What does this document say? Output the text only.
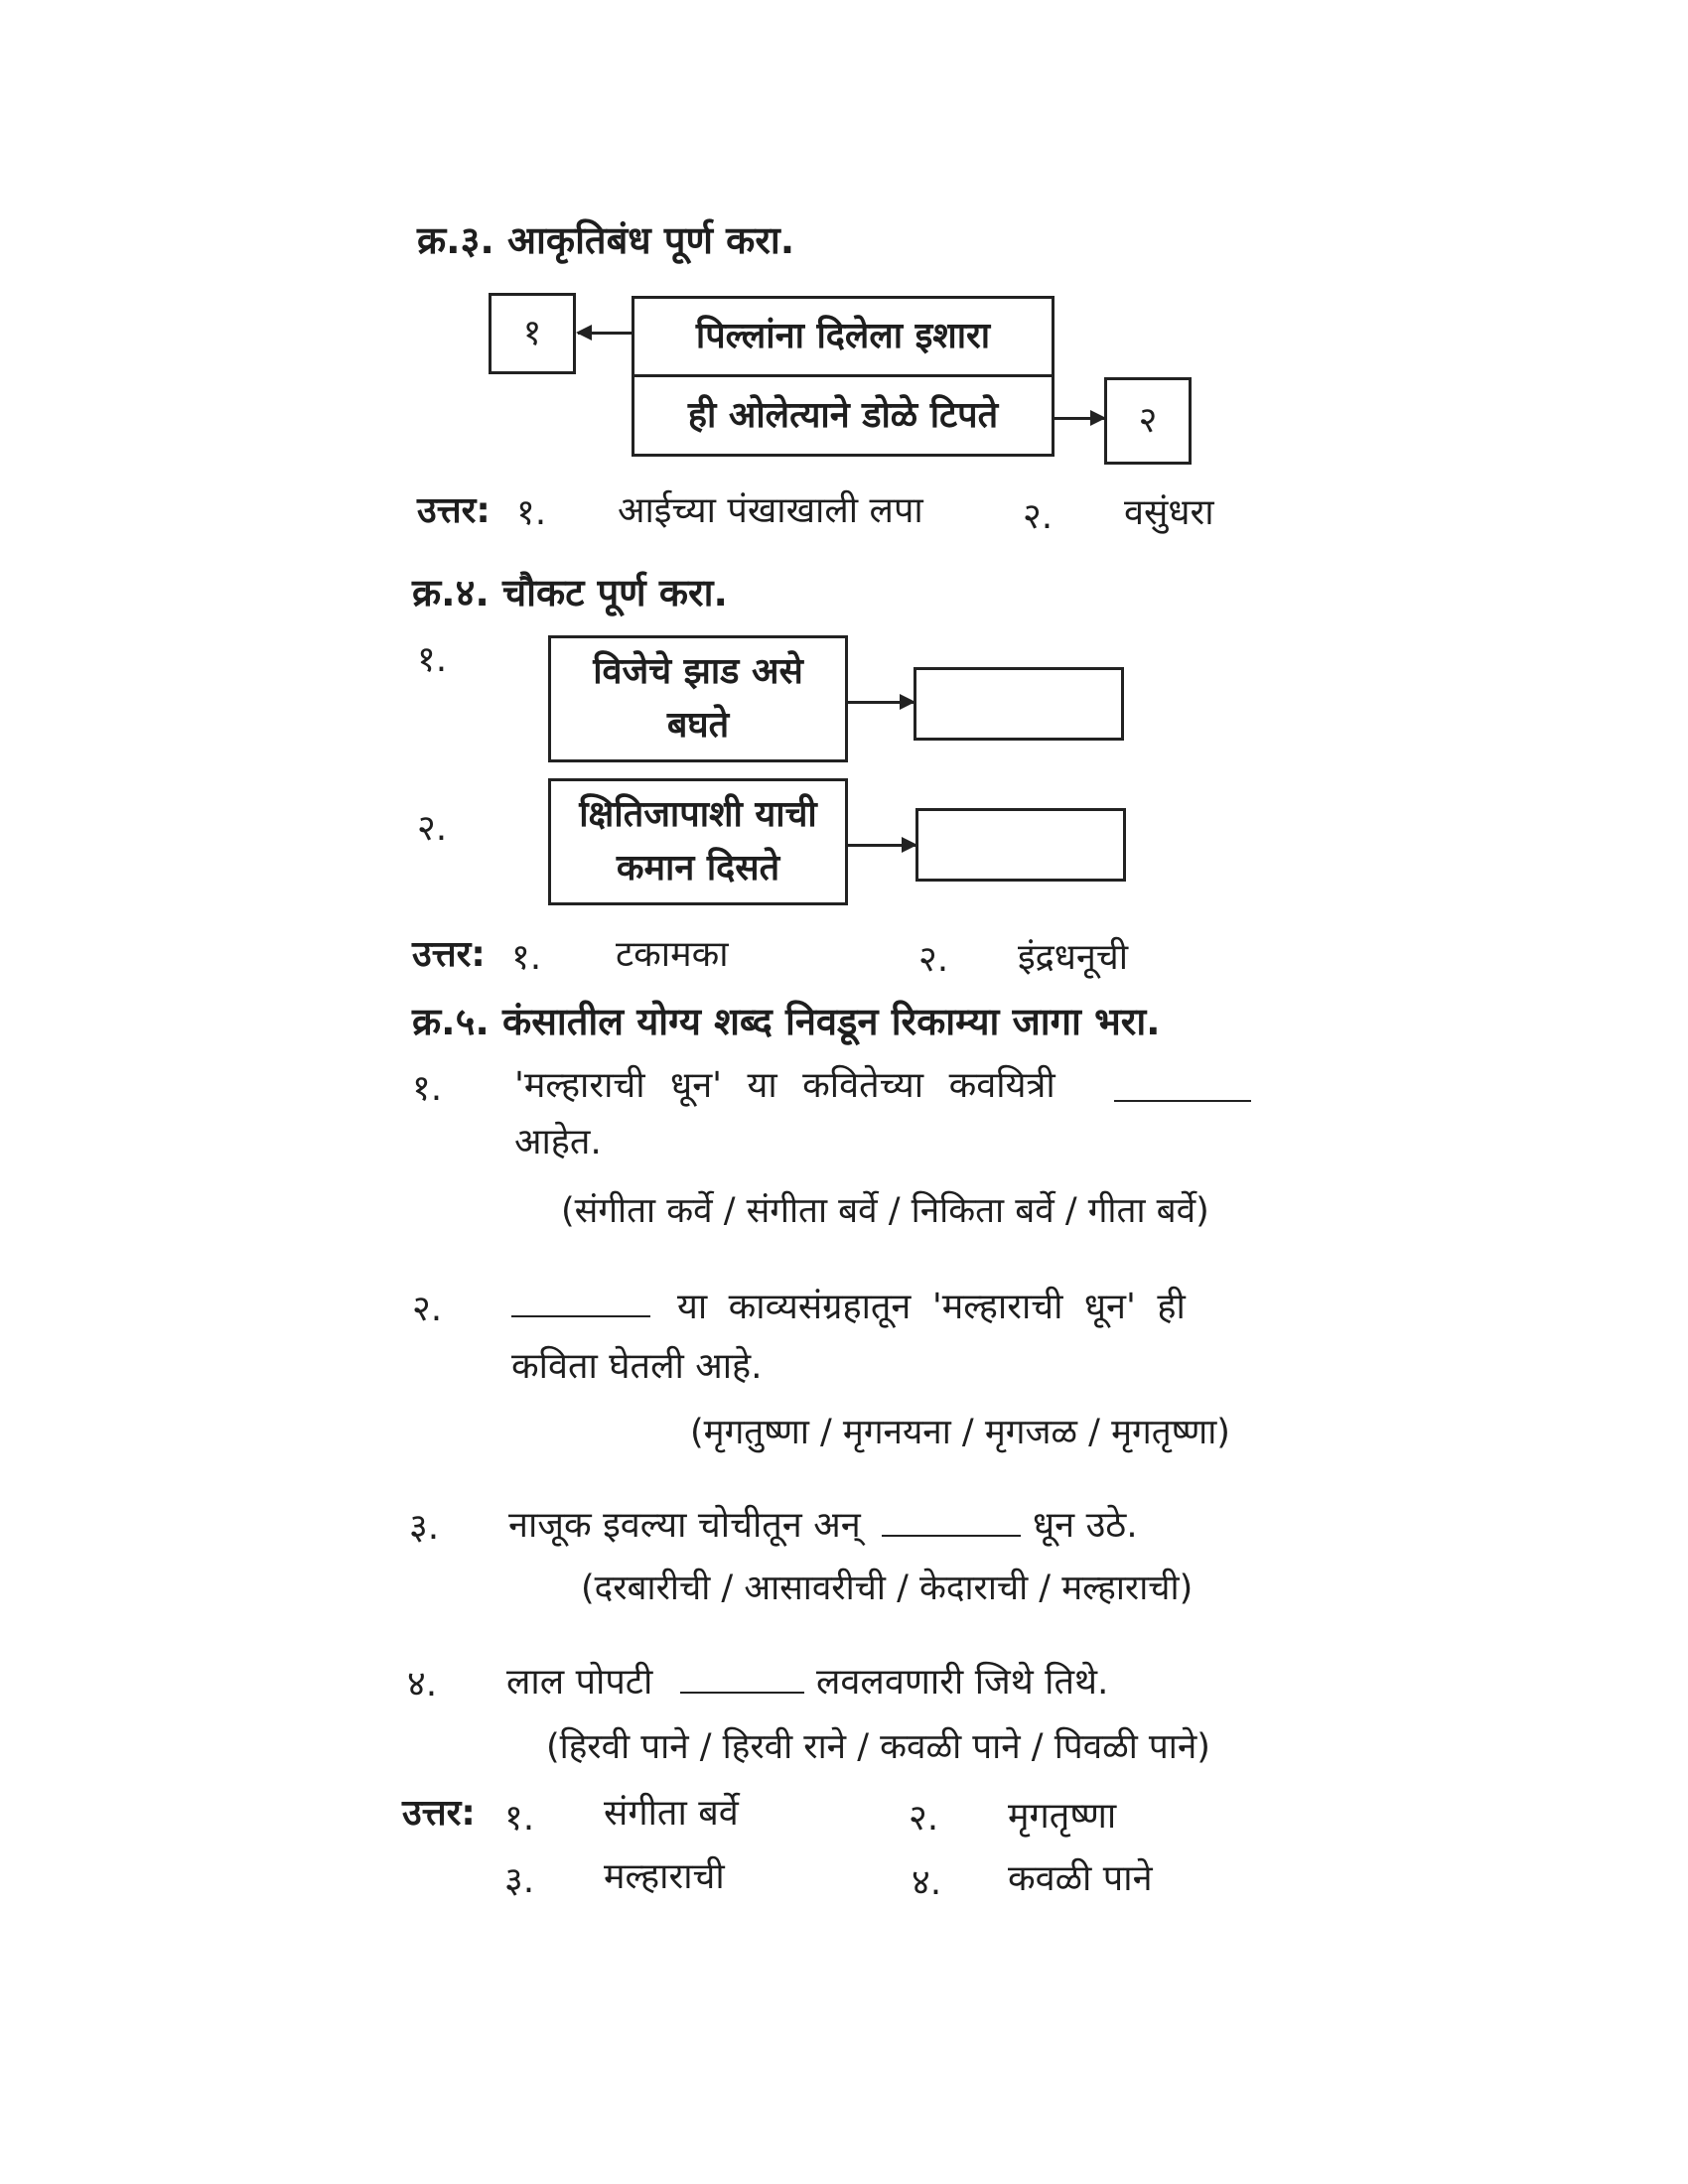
क्र.३. आकृतिबंध पूर्ण करा.
१	पिल्लांना दिलेला इशारा
ही ओलेत्याने डोळे टिपते	२
उत्तर: १. आईच्या पंखाखाली लपा	२. वसुंधरा
क्र.४. चौकट पूर्ण करा.
१.	विजेचे झाड असे
बघते
२.	क्षितिजापाशी याची
कमान दिसते
उत्तर: १. टकामका	२. इंद्रधनूची
क्र.५. कंसातील योग्य शब्द निवडून रिकाम्या जागा भरा.
१. 'मल्हाराची धून' या कवितेच्या कवयित्री
आहेत.
(संगीता कर्वे / संगीता बर्वे / निकिता बर्वे / गीता बर्वे)
२.	या काव्यसंग्रहातून 'मल्हाराची धून' ही
कविता घेतली आहे.
(मृगतुष्णा / मृगनयना / मृगजळ / मृगतृष्णा)
३. नाजूक इवल्या चोचीतून अन्	धून उठे.
(दरबारीची / आसावरीची / केदाराची / मल्हाराची)
४. लाल पोपटी	लवलवणारी जिथे तिथे.
(हिरवी पाने / हिरवी राने / कवळी पाने / पिवळी पाने)
उत्तर: १. संगीता बर्वे	२. मृगतृष्णा
३. मल्हाराची	४. कवळी पाने
